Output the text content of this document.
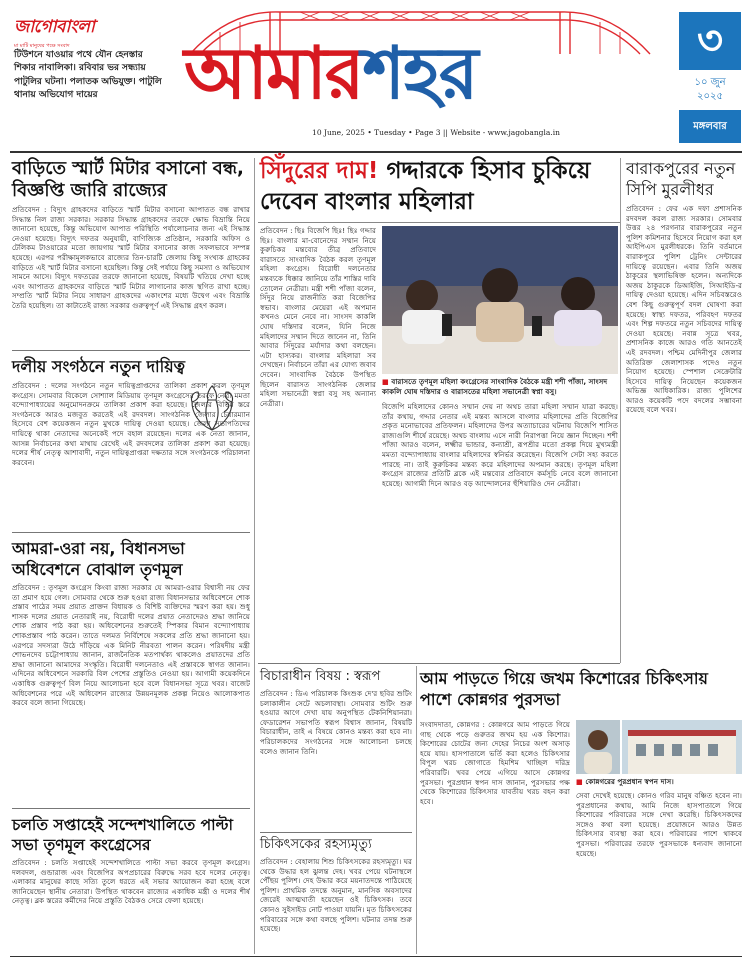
জাগোবাংলা
মা মাটি মানুষের পক্ষে সংবাদ
টিউশনে যাওয়ার পথে যৌন হেনস্তার শিকার নাবালিকা। রবিবার ভর সন্ধ্যায় পাটুলির ঘটনা। পলাতক অভিযুক্ত। পাটুলি থানায় অভিযোগ দায়ের	আমারশহর
10 June, 2025 • Tuesday • Page 3 || Website - www.jagobangla.in
৩
১০ জুন ২০২৫
মঙ্গলবার
বাড়িতে স্মার্ট মিটার বসানো বন্ধ, বিজ্ঞপ্তি জারি রাজ্যের
প্রতিবেদন : বিদ্যুৎ গ্রাহকদের বাড়িতে স্মার্ট মিটার বসানো আপাতত বন্ধ রাখার সিদ্ধান্ত নিল রাজ্য সরকার। সরকার সিদ্ধান্ত গ্রাহকদের তরফে ক্ষোভ বিভ্রান্তি নিয়ে জানানো হয়েছে, কিন্তু অভিযোগ আপাত পরিস্থিতি পর্যালোচনার জন্য এই সিদ্ধান্ত নেওয়া হয়েছে। বিদ্যুৎ দফতর অনুযায়ী, বাণিজ্যিক প্রতিষ্ঠান, সরকারি অফিস ও টেলিকম টাওয়ারের মতো জায়গায় স্মার্ট মিটার বসানোর কাজ সফলভাবে সম্পন্ন হয়েছে। এরপর পরীক্ষামূলকভাবে রাজ্যের তিন-চারটি জেলায় কিছু সংখ্যক গ্রাহকের বাড়িতে এই স্মার্ট মিটার বসানো হয়েছিল। কিন্তু সেই পর্যায়ে কিছু সমস্যা ও অভিযোগ সামনে আসে। বিদ্যুৎ দফতরের তরফে জানানো হয়েছে, বিষয়টি খতিয়ে দেখা হচ্ছে এবং আপাতত গ্রাহকদের বাড়িতে স্মার্ট মিটার লাগানোর কাজ স্থগিত রাখা হচ্ছে। সম্প্রতি স্মার্ট মিটার নিয়ে সাধারণ গ্রাহকদের একাংশের মধ্যে উদ্বেগ এবং বিভ্রান্তি তৈরি হয়েছিল। তা কাটাতেই রাজ্য সরকার গুরুত্বপূর্ণ এই সিদ্ধান্ত গ্রহণ করল।
দলীয় সংগঠনে নতুন দায়িত্ব
প্রতিবেদন : দলের সংগঠনে নতুন দায়িত্বপ্রাপ্তদের তালিকা প্রকাশ করল তৃণমূল কংগ্রেস। সোমবার বিকেলে সোশ্যাল মিডিয়ায় তৃণমূল কংগ্রেসের তরফে নেত্রী মমতা বন্দ্যোপাধ্যায়ের অনুমোদনক্রমে তালিকা প্রকাশ করা হয়েছে। জেলার বিভিন্ন স্তরে সংগঠনকে আরও মজবুত করতেই এই রদবদল। সাংগঠনিক জেলার চেয়ারম্যান হিসেবে বেশ কয়েকজন নতুন মুখকে দায়িত্ব দেওয়া হয়েছে। জেলা সভাপতিদের দায়িত্বে থাকা নেতাদের অনেকেই পদে বহাল রয়েছেন। দলের এক নেতা জানান, আসন্ন নির্বাচনের কথা মাথায় রেখেই এই রদবদলের তালিকা প্রকাশ করা হয়েছে। দলের শীর্ষ নেতৃত্ব আশাবাদী, নতুন দায়িত্বপ্রাপ্তরা দক্ষতার সঙ্গে সংগঠনকে পরিচালনা করবেন।
আমরা-ওরা নয়, বিধানসভা অধিবেশনে বোঝাল তৃণমূল
প্রতিবেদন : তৃণমূল কংগ্রেস কিংবা রাজ্য সরকার যে আমরা-ওরার বিশ্বাসী নয় ফের তা প্রমাণ হয়ে গেল। সোমবার থেকে শুরু হওয়া রাজ্য বিধানসভার অধিবেশনে শোক প্রস্তাব পাঠের সময় প্রয়াত প্রাক্তন বিধায়ক ও বিশিষ্ট ব্যক্তিদের স্মরণ করা হয়। শুধু শাসক দলের প্রয়াত নেতারাই নয়, বিরোধী দলের প্রয়াত নেতাদেরও শ্রদ্ধা জানিয়ে শোক প্রস্তাব পাঠ করা হয়। অধিবেশনের শুরুতেই স্পিকার বিমান বন্দ্যোপাধ্যায় শোকপ্রস্তাব পাঠ করেন। তাতে দলমত নির্বিশেষে সকলের প্রতি শ্রদ্ধা জানানো হয়। এরপরে সদস্যরা উঠে দাঁড়িয়ে এক মিনিট নীরবতা পালন করেন। পরিষদীয় মন্ত্রী শোভনদেব চট্টোপাধ্যায় জানান, রাজনৈতিক মতপার্থক্য থাকলেও প্রয়াতদের প্রতি শ্রদ্ধা জানানো আমাদের সংস্কৃতি। বিরোধী দলনেতাও এই প্রস্তাবকে স্বাগত জানান। এদিনের অধিবেশনে সরকারি বিল পেশের প্রস্তুতিও নেওয়া হয়। আগামী কয়েকদিনে একাধিক গুরুত্বপূর্ণ বিল নিয়ে আলোচনা হবে বলে বিধানসভা সূত্রে খবর। বাজেট অধিবেশনের পরে এই অধিবেশন রাজ্যের উন্নয়নমূলক প্রকল্প নিয়েও আলোকপাত করবে বলে জানা গিয়েছে।
চলতি সপ্তাহেই সন্দেশখালিতে পাল্টা সভা তৃণমূল কংগ্রেসের
প্রতিবেদন : চলতি সপ্তাহেই সন্দেশখালিতে পাল্টা সভা করবে তৃণমূল কংগ্রেস। দলবদল, গুন্ডারাজ এবং বিজেপির অপপ্রচারের বিরুদ্ধে সরব হবে দলের নেতৃত্ব। এলাকার মানুষের কাছে সত্যি তুলে ধরতে এই সভার আয়োজন করা হচ্ছে বলে জানিয়েছেন স্থানীয় নেতারা। উপস্থিত থাকবেন রাজ্যের একাধিক মন্ত্রী ও দলের শীর্ষ নেতৃত্ব। ব্লক স্তরের কর্মীদের নিয়ে প্রস্তুতি বৈঠকও সেরে ফেলা হয়েছে।
সিঁদুরের দাম! গদ্দারকে হিসাব চুকিয়ে দেবেন বাংলার মহিলারা
প্রতিবেদন : ছিঃ বিজেপি ছিঃ! ছিঃ গদ্দার ছিঃ। বাংলার মা-বোনেদের সম্মান নিয়ে কুরুচিকর মন্তব্যের তীব্র প্রতিবাদে বারাসতে সাংবাদিক বৈঠক করল তৃণমূল মহিলা কংগ্রেস। বিরোধী দলনেতার মন্তব্যকে ধিক্কার জানিয়ে তাঁর শাস্তির দাবি তোলেন নেত্রীরা। মন্ত্রী শশী পাঁজা বলেন, সিঁদুর নিয়ে রাজনীতি করা বিজেপির স্বভাব। বাংলার মেয়েরা এই অপমান কখনও মেনে নেবে না। সাংসদ কাকলি ঘোষ দস্তিদার বলেন, যিনি নিজে মহিলাদের সম্মান দিতে জানেন না, তিনি আবার সিঁদুরের মর্যাদার কথা বলছেন। এটা হাস্যকর। বাংলার মহিলারা সব দেখছেন। নির্বাচনে তাঁরা এর যোগ্য জবাব দেবেন। সাংবাদিক বৈঠকে উপস্থিত ছিলেন বারাসত সাংগঠনিক জেলার মহিলা সভানেত্রী স্বপ্না বসু সহ অন্যান্য নেত্রীরা।
■ বারাসতে তৃণমূল মহিলা কংগ্রেসের সাংবাদিক বৈঠকে মন্ত্রী শশী পাঁজা, সাংসদ কাকলি ঘোষ দস্তিদার ও বারাসতের মহিলা সভানেত্রী স্বপ্না বসু।
বিজেপি মহিলাদের কোনও সম্মান দেয় না অথচ তারা মহিলা সম্মান যাত্রা করছে। তাঁর কথায়, গদ্দার নেতার এই মন্তব্য আসলে বাংলার মহিলাদের প্রতি বিজেপির প্রকৃত মনোভাবের প্রতিফলন। মহিলাদের উপর অত্যাচারের ঘটনায় বিজেপি শাসিত রাজ্যগুলি শীর্ষে রয়েছে। অথচ বাংলায় এসে নারী নিরাপত্তা নিয়ে জ্ঞান দিচ্ছেন। শশী পাঁজা আরও বলেন, লক্ষ্মীর ভান্ডার, কন্যাশ্রী, রূপশ্রীর মতো প্রকল্প দিয়ে মুখ্যমন্ত্রী মমতা বন্দ্যোপাধ্যায় বাংলার মহিলাদের স্বনির্ভর করেছেন। বিজেপি সেটা সহ্য করতে পারছে না। তাই কুরুচিকর মন্তব্য করে মহিলাদের অপমান করছে। তৃণমূল মহিলা কংগ্রেস রাজ্যের প্রতিটি ব্লকে এই মন্তব্যের প্রতিবাদে কর্মসূচি নেবে বলে জানানো হয়েছে। আগামী দিনে আরও বড় আন্দোলনের হুঁশিয়ারিও দেন নেত্রীরা।
বিচারাধীন বিষয় : স্বরূপ
প্রতিবেদন : ডিএ পরিচালক কিংশুক দে'র ছবির শুটিং চলাকালীন সেটে অচলাবস্থা। সোমবার শুটিং শুরু হওয়ার আগে দেখা যায় অনুপস্থিত টেকনিশিয়ানরা। ফেডারেশন সভাপতি স্বরূপ বিশ্বাস জানান, বিষয়টি বিচারাধীন, তাই এ বিষয়ে কোনও মন্তব্য করা হবে না। পরিচালকদের সংগঠনের সঙ্গে আলোচনা চলছে বলেও জানান তিনি।
চিকিৎসকের রহস্যমৃত্যু
প্রতিবেদন : বেহালায় শিশু চিকিৎসকের রহস্যমৃত্যু। ঘর থেকে উদ্ধার হল ঝুলন্ত দেহ। খবর পেয়ে ঘটনাস্থলে পৌঁছয় পুলিশ। দেহ উদ্ধার করে ময়নাতদন্তে পাঠিয়েছে পুলিশ। প্রাথমিক তদন্তে অনুমান, মানসিক অবসাদের জেরেই আত্মঘাতী হয়েছেন ওই চিকিৎসক। তবে কোনও সুইসাইড নোট পাওয়া যায়নি। মৃত চিকিৎসকের পরিবারের সঙ্গে কথা বলছে পুলিশ। ঘটনার তদন্ত শুরু হয়েছে।
আম পাড়তে গিয়ে জখম কিশোরের চিকিৎসায় পাশে কোন্নগর পুরসভা
সংবাদদাতা, কোন্নগর : কোন্নগরে আম পাড়তে গিয়ে গাছ থেকে পড়ে গুরুতর জখম হয় এক কিশোর। কিশোরের চোটের জন্য দেহের নিচের অংশ অসাড় হয়ে যায়। হাসপাতালে ভর্তি করা হলেও চিকিৎসার বিপুল খরচ জোগাতে হিমশিম খাচ্ছিল দরিদ্র পরিবারটি। খবর পেয়ে এগিয়ে আসে কোন্নগর পুরসভা। পুরপ্রধান স্বপন দাস জানান, পুরসভার পক্ষ থেকে কিশোরের চিকিৎসার যাবতীয় খরচ বহন করা হবে।
■ কোন্নগরের পুরপ্রধান স্বপন দাস।
সেবা দেখেই হয়েছে। কোনও গরিব মানুষ বঞ্চিত হবেন না। পুরপ্রধানের কথায়, আমি নিজে হাসপাতালে গিয়ে কিশোরের পরিবারের সঙ্গে দেখা করেছি। চিকিৎসকদের সঙ্গেও কথা বলা হয়েছে। প্রয়োজনে আরও উন্নত চিকিৎসার ব্যবস্থা করা হবে। পরিবারের পাশে থাকবে পুরসভা। পরিবারের তরফে পুরসভাকে ধন্যবাদ জানানো হয়েছে।
বারাকপুরের নতুন সিপি মুরলীধর
প্রতিবেদন : ফের এক দফা প্রশাসনিক রদবদল করল রাজ্য সরকার। সোমবার উত্তর ২৪ পরগনার বারাকপুরের নতুন পুলিশ কমিশনার হিসেবে নিয়োগ করা হল আইপিএস মুরলীধরকে। তিনি বর্তমানে বারাকপুরে পুলিশ ট্রেনিং সেন্টারের দায়িত্বে রয়েছেন। এবার তিনি অজয় ঠাকুরের স্থলাভিষিক্ত হলেন। অন্যদিকে অজয় ঠাকুরকে ডিআইজি, সিআইডি-র দায়িত্ব দেওয়া হয়েছে। এদিন সচিবস্তরেও বেশ কিছু গুরুত্বপূর্ণ বদল ঘোষণা করা হয়েছে। স্বাস্থ্য দফতর, পরিবহণ দফতর এবং শিল্প দফতরে নতুন সচিবদের দায়িত্ব দেওয়া হয়েছে। নবান্ন সূত্রে খবর, প্রশাসনিক কাজে আরও গতি আনতেই এই রদবদল। পশ্চিম মেদিনীপুর জেলার অতিরিক্ত জেলাশাসক পদেও নতুন নিয়োগ হয়েছে। স্পেশাল সেক্রেটারি হিসেবে দায়িত্ব নিয়েছেন কয়েকজন অভিজ্ঞ আধিকারিক। রাজ্য পুলিশের আরও কয়েকটি পদে বদলের সম্ভাবনা রয়েছে বলে খবর।
